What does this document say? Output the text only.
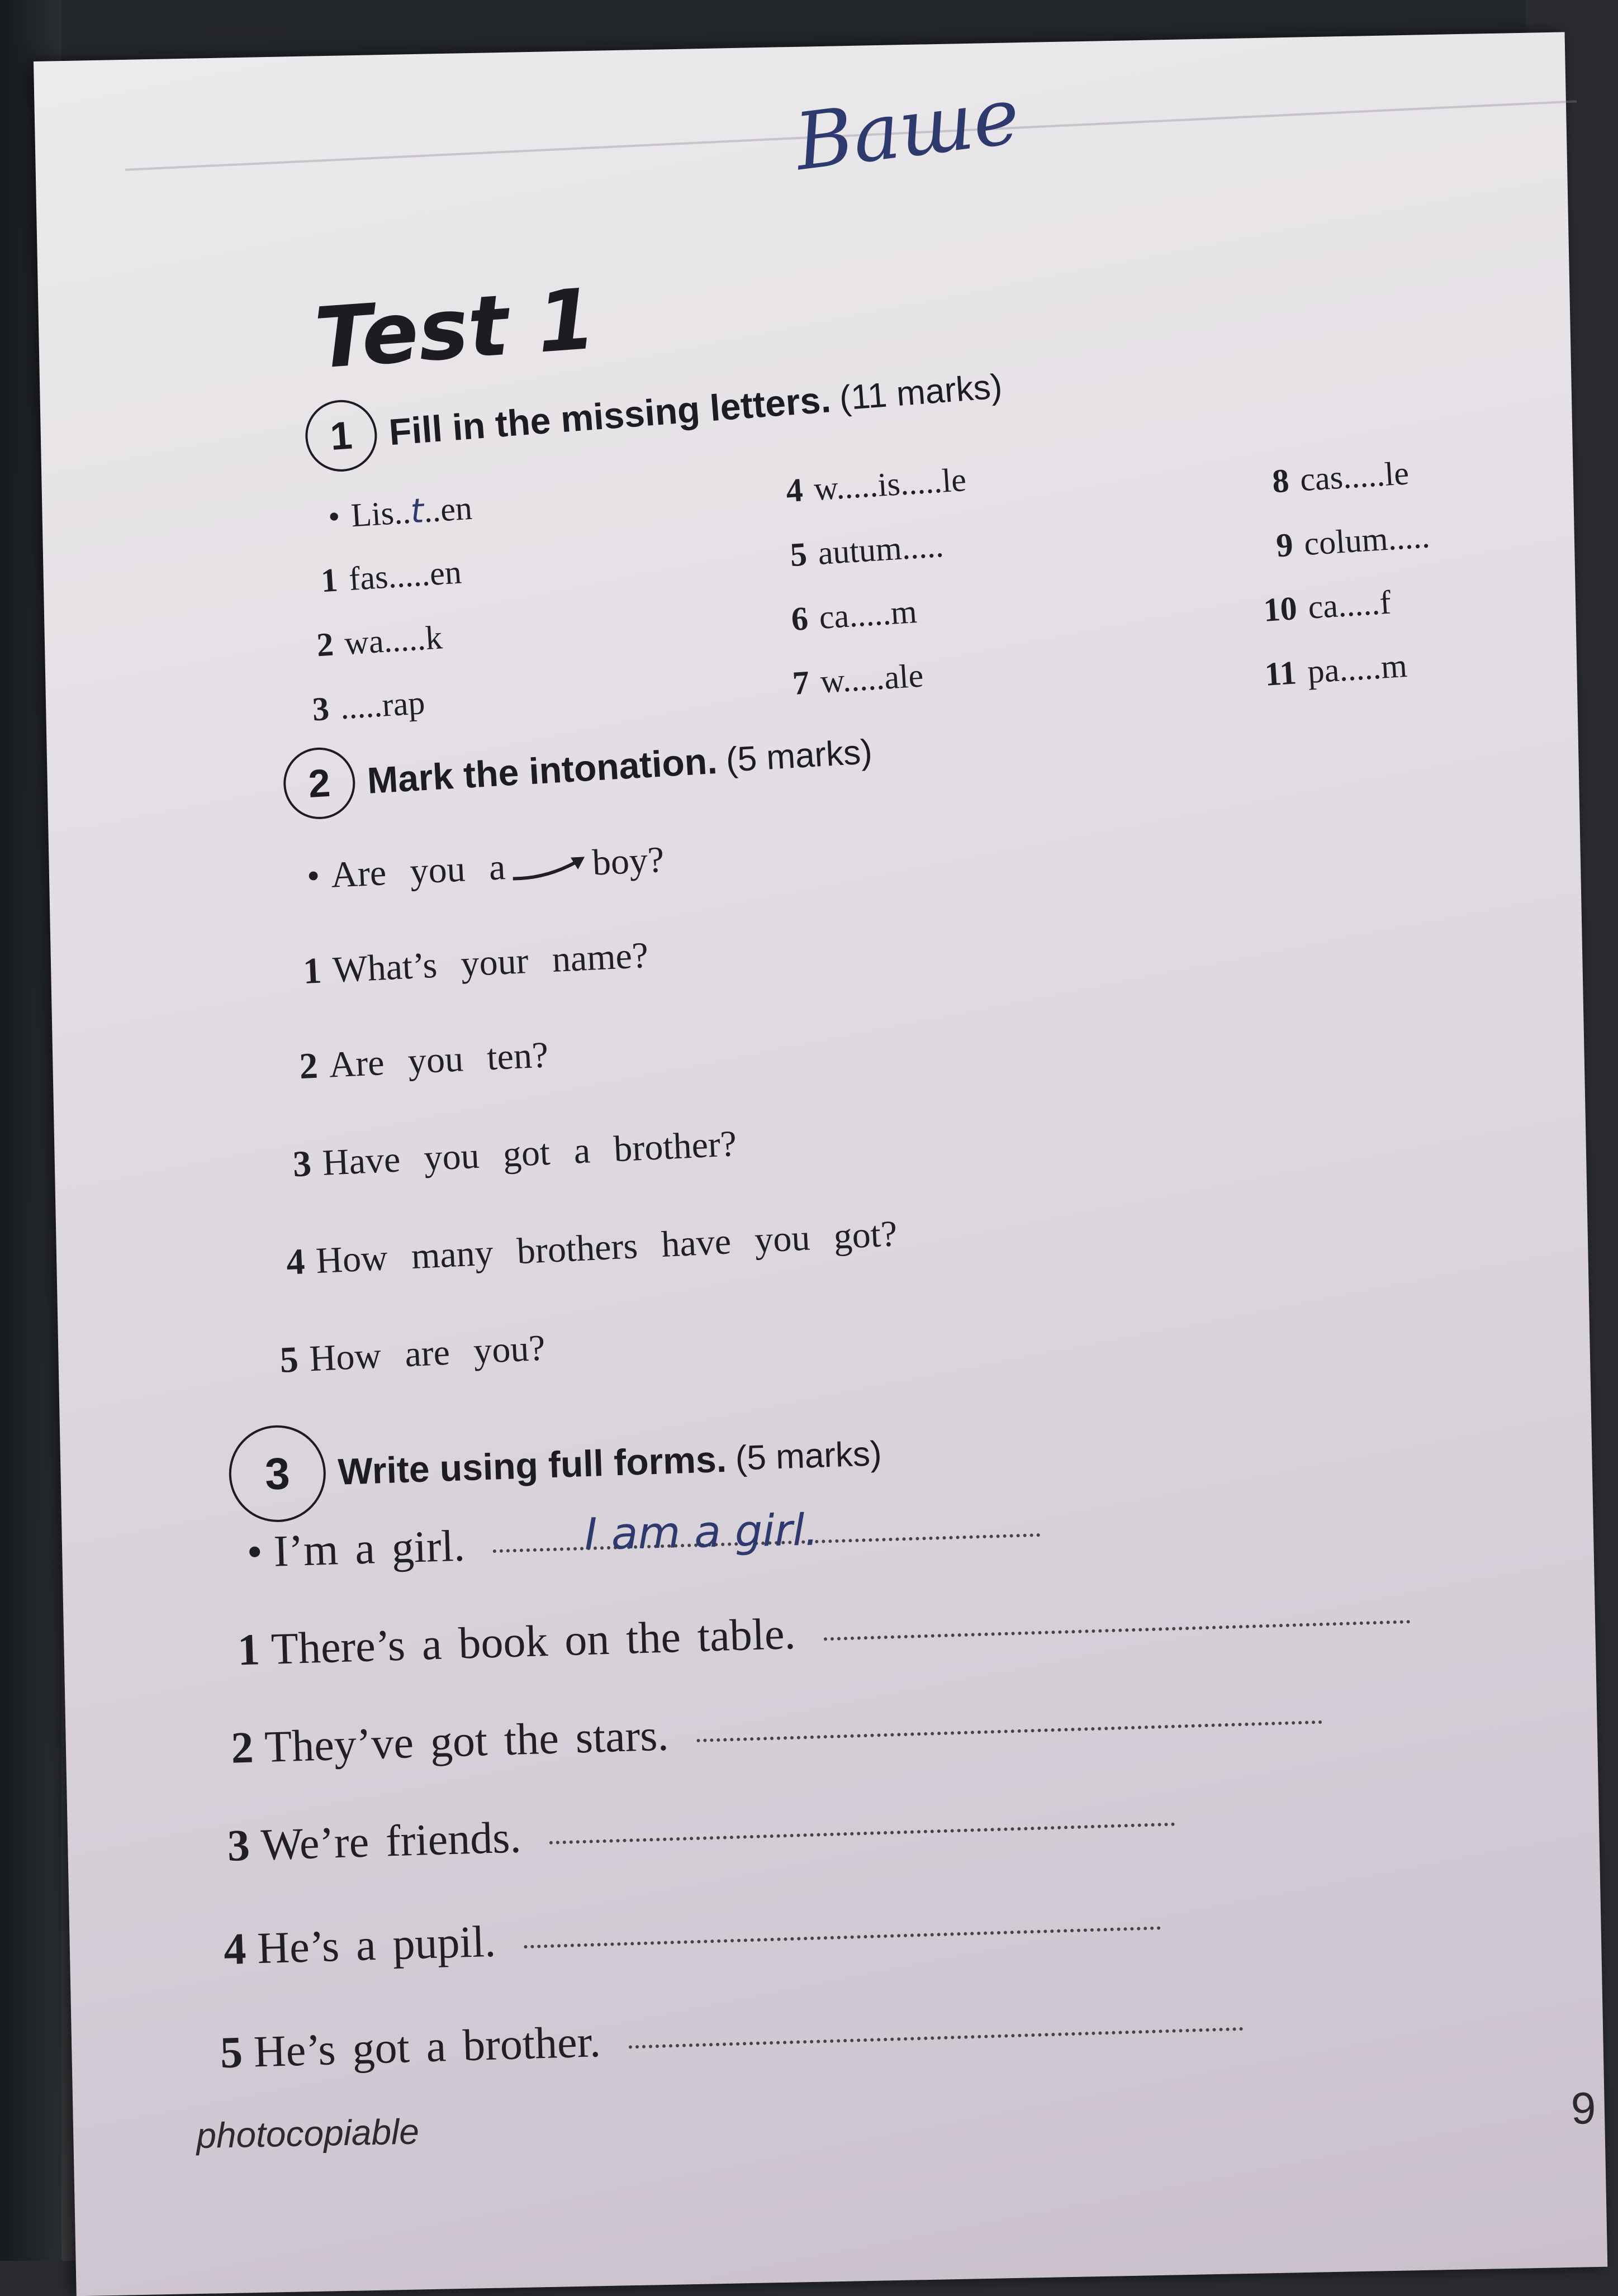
Ваше
Test 1
1 Fill in the missing letters. (11 marks)
• Lis..t..en
1 fas.....en
2 wa.....k
3 .....rap
4 w.....is.....le
5 autum.....
6 ca.....m
7 w.....ale
8 cas.....le
9 colum.....
10 ca.....f
11 pa.....m
2 Mark the intonation. (5 marks)
• Are you a boy?
1 What’s your name?
2 Are you ten?
3 Have you got a brother?
4 How many brothers have you got?
5 How are you?
3 Write using full forms. (5 marks)
• I’m a girl.	I am a girl.
1 There’s a book on the table.
2 They’ve got the stars.
3 We’re friends.
4 He’s a pupil.
5 He’s got a brother.
photocopiable
9
